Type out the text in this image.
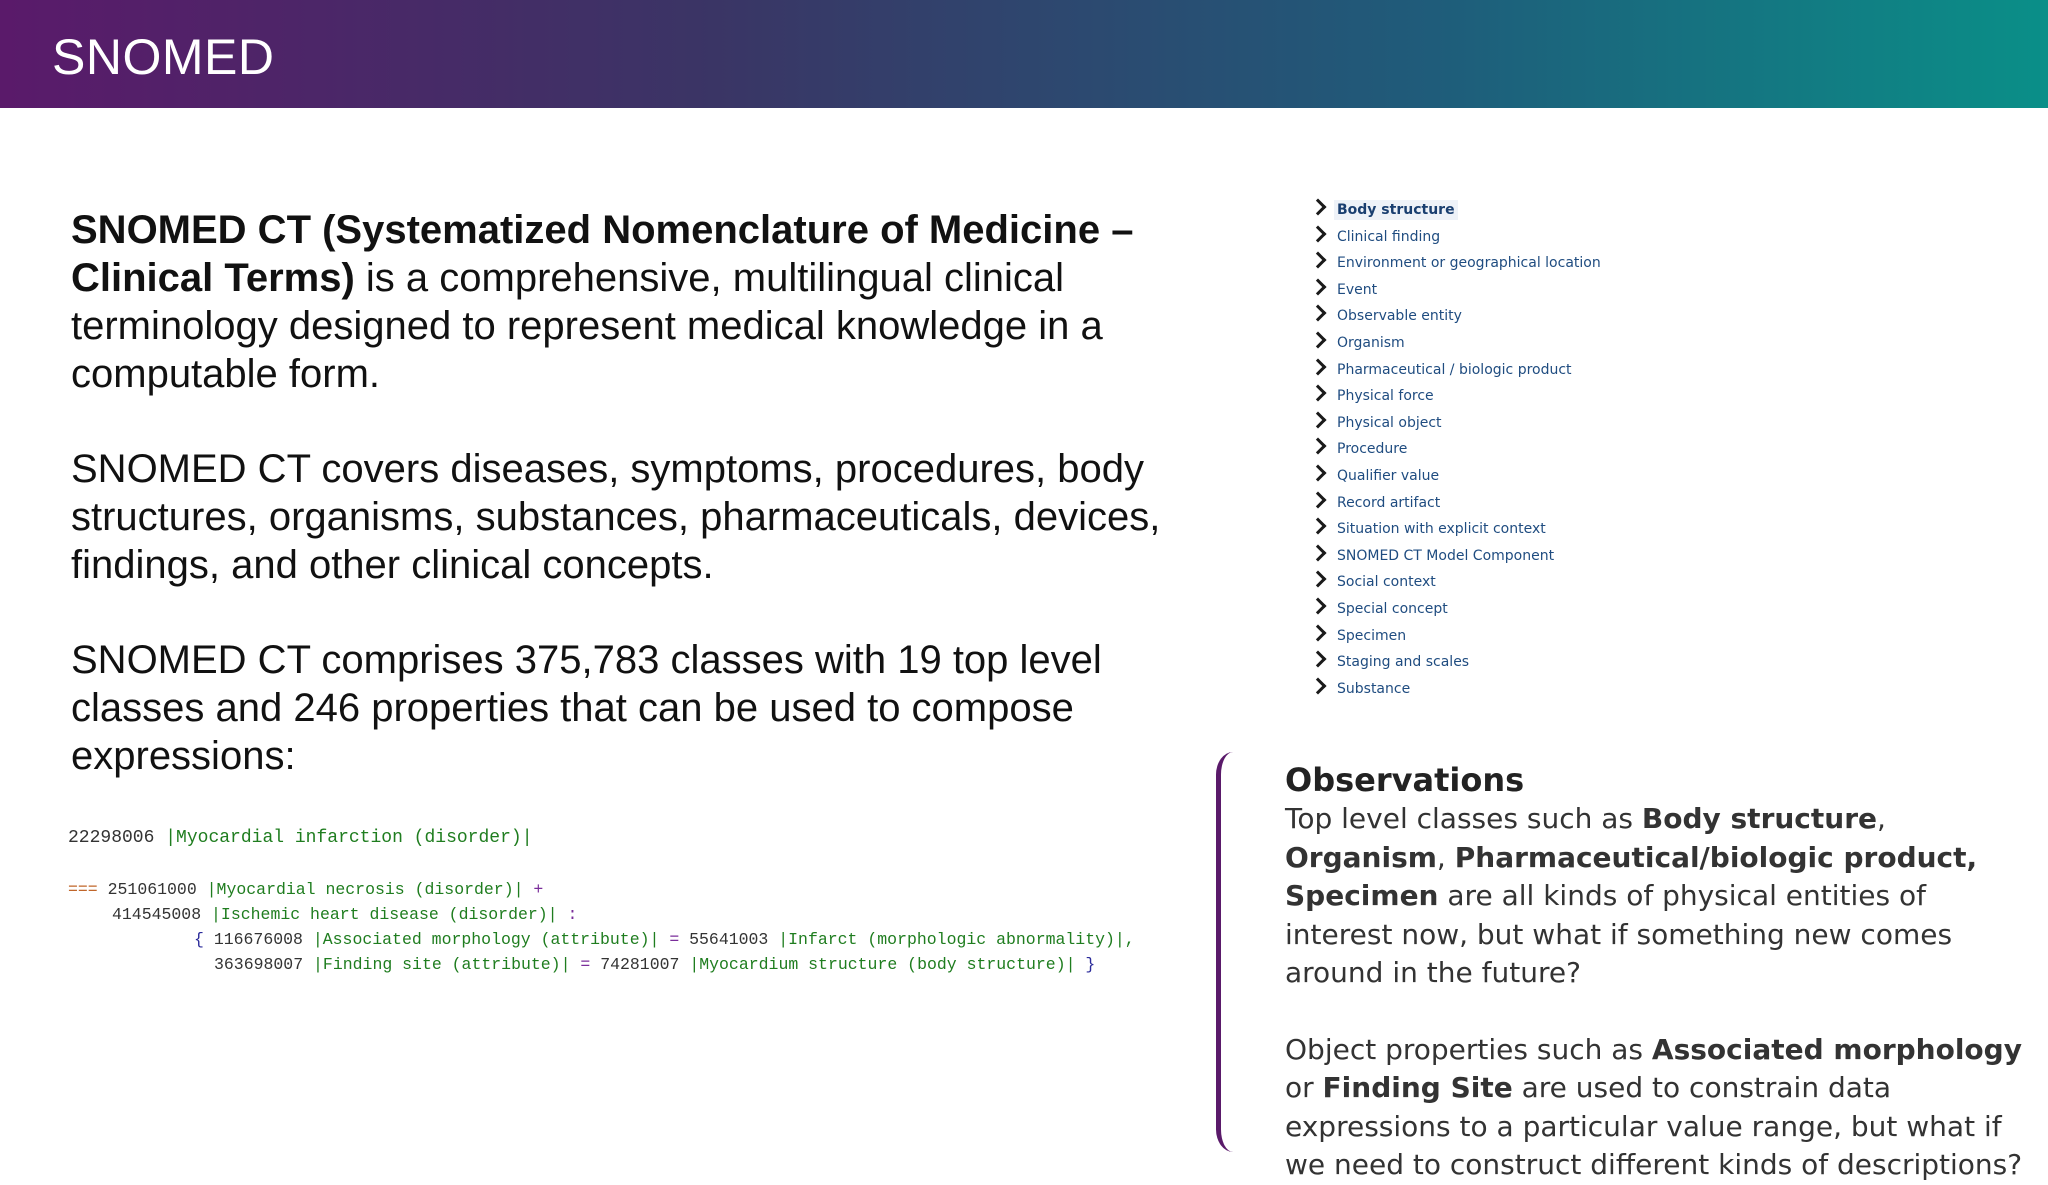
SNOMED
SNOMED CT (Systematized Nomenclature of Medicine – Clinical Terms) is a comprehensive, multilingual clinical terminology designed to represent medical knowledge in a computable form.
SNOMED CT covers diseases, symptoms, procedures, body structures, organisms, substances, pharmaceuticals, devices, findings, and other clinical concepts.
SNOMED CT comprises 375,783 classes with 19 top level classes and 246 properties that can be used to compose expressions:
22298006 |Myocardial infarction (disorder)|
=== 251061000 |Myocardial necrosis (disorder)| +
414545008 |Ischemic heart disease (disorder)| :
{ 116676008 |Associated morphology (attribute)| = 55641003 |Infarct (morphologic abnormality)|,
363698007 |Finding site (attribute)| = 74281007 |Myocardium structure (body structure)| }
Body structure
Clinical finding
Environment or geographical location
Event
Observable entity
Organism
Pharmaceutical / biologic product
Physical force
Physical object
Procedure
Qualifier value
Record artifact
Situation with explicit context
SNOMED CT Model Component
Social context
Special concept
Specimen
Staging and scales
Substance
Observations

Top level classes such as Body structure, Organism, Pharmaceutical/biologic product, Specimen are all kinds of physical entities of interest now, but what if something new comes around in the future?

Object properties such as Associated morphology or Finding Site are used to constrain data expressions to a particular value range, but what if we need to construct different kinds of descriptions?
